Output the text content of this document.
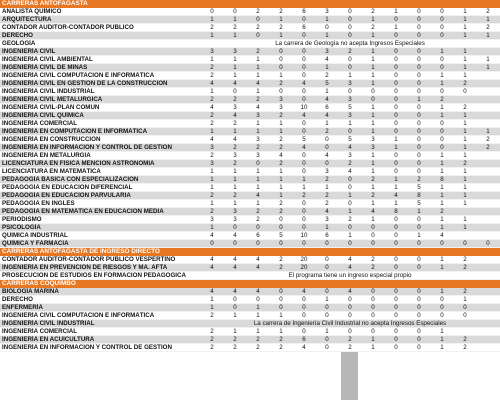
CARRERAS ANTOFAGASTA
ANALISTA QUÍMICO	0	0	2	2	6	3	0	2	1	0	0	1	2
ARQUITECTURA	1	1	0	1	0	1	0	1	0	0	0	1	1
CONTADOR AUDITOR-CONTADOR PÚBLICO	2	2	2	2	6	0	0	2	1	0	0	1	2
DERECHO	1	1	0	1	0	1	0	1	0	0	0	1	1
GEOLOGÍA	La carrera de Geología no acepta Ingresos Especiales
INGENIERÍA CIVIL	3	3	2	0	0	3	2	1	0	0	1	1
INGENIERÍA CIVIL AMBIENTAL	1	1	1	0	0	4	0	1	0	0	0	1	1
INGENIERÍA CIVIL DE MINAS	2	1	1	0	0	1	0	1	0	0	0	1	1
INGENIERÍA CIVIL COMPUTACIÓN E INFORMÁTICA	2	1	1	1	0	2	1	1	0	0	1	1
INGENIERÍA CIVIL EN GESTIÓN DE LA CONSTRUCCION	4	4	4	2	4	5	3	1	0	0	1	2
INGENIERÍA CIVIL INDUSTRIAL	1	0	1	0	0	1	0	0	0	0	0	0
INGENIERÍA CIVIL METALÚRGICA	2	2	2	3	0	4	3	0	0	1	2
INGENIERÍA CIVIL-PLAN COMUN	4	3	4	3	10	6	5	1	0	0	1	2
INGENIERÍA CIVIL QUÍMICA	2	4	3	2	4	4	3	1	0	0	1	1
INGENIERÍA COMERCIAL	2	2	1	1	0	1	1	1	0	0	0	1
INGENIERÍA EN COMPUTACIÓN E INFORMÁTICA	1	1	1	1	0	2	0	1	0	0	0	1	1
INGENIERÍA EN CONSTRUCCIÓN	4	4	3	2	5	0	5	3	1	0	0	1	2
INGENIERÍA EN INFORMACIÓN Y CONTROL DE GESTIÓN	3	2	2	2	4	0	4	3	1	0	0	1	2
INGENIERÍA EN METALURGIA	2	3	3	4	0	4	3	1	0	0	1	1
LICENCIATURA EN FÍSICA MENCIÓN ASTRONOMIA	3	2	0	2	0	0	2	1	0	0	1	2
LICENCIATURA EN MATEMÁTICA	1	1	1	1	0	3	4	1	0	0	1	1
PEDAGOGÍA BÁSICA CON ESPECIALIZACIÓN	1	1	1	1	1	2	0	2	1	2	8	1
PEDAGOGÍA EN EDUCACIÓN DIFERENCIAL	1	1	1	1	1	1	0	1	1	5	1	1
PEDAGOGÍA EN EDUCACIÓN PARVULARIA	2	2	4	1	2	2	1	2	4	8	1	1
PEDAGOGÍA EN INGLÉS	1	1	1	2	0	2	0	1	1	5	1	1
PEDAGOGÍA EN MATEMÁTICA EN EDUCACIÓN MEDIA	2	3	2	2	0	4	1	4	8	1	2
PERIODISMO	3	3	2	0	0	3	2	1	0	0	1	1
PSICOLOGÍA	1	0	0	0	0	1	0	0	0	0	1	1
QUIMICA INDUSTRIAL	4	4	6	5	10	6	1	0	0	1	4
QUÍMICA Y FARMACIA	0	0	0	0	0	0	0	0	0	0	0	0	0
CARRERAS ANTOFAGASTA DE INGRESO DIRECTO
CONTADOR AUDITOR-CONTADOR PÚBLICO VESPERTINO	4	4	4	2	20	0	4	2	0	0	1	2
INGENIERÍA EN PREVENCIÓN DE RIESGOS Y MA. AFTA	4	4	4	2	20	0	4	2	0	0	1	2
PROSECUCIÓN DE ESTUDIOS EN FORMACIÓN PEDAGÓGICA	El programa tiene un ingreso especial propio
CARRERAS COQUIMBO
BIOLOGÍA MARINA	4	4	4	0	4	0	4	0	0	0	1	2
DERECHO	1	0	0	0	0	1	0	0	0	0	0	1
ENFERMERÍA	1	0	1	0	0	0	0	0	0	0	0	0
INGENIERÍA CIVIL COMPUTACIÓN E INFORMÁTICA	2	1	1	1	0	0	0	0	0	0	0	0
INGENIERÍA CIVIL INDUSTRIAL	La carrera de Ingeniería Civil Industrial no acepta Ingresos Especiales
INGENIERÍA COMERCIAL	2	1	1	1	0	1	0	0	0	0	1
INGENIERÍA EN ACUICULTURA	2	2	2	2	6	0	2	1	0	0	1	2
INGENIERÍA EN INFORMACIÓN Y CONTROL DE GESTIÓN	2	2	2	2	4	0	2	1	0	0	1	2
